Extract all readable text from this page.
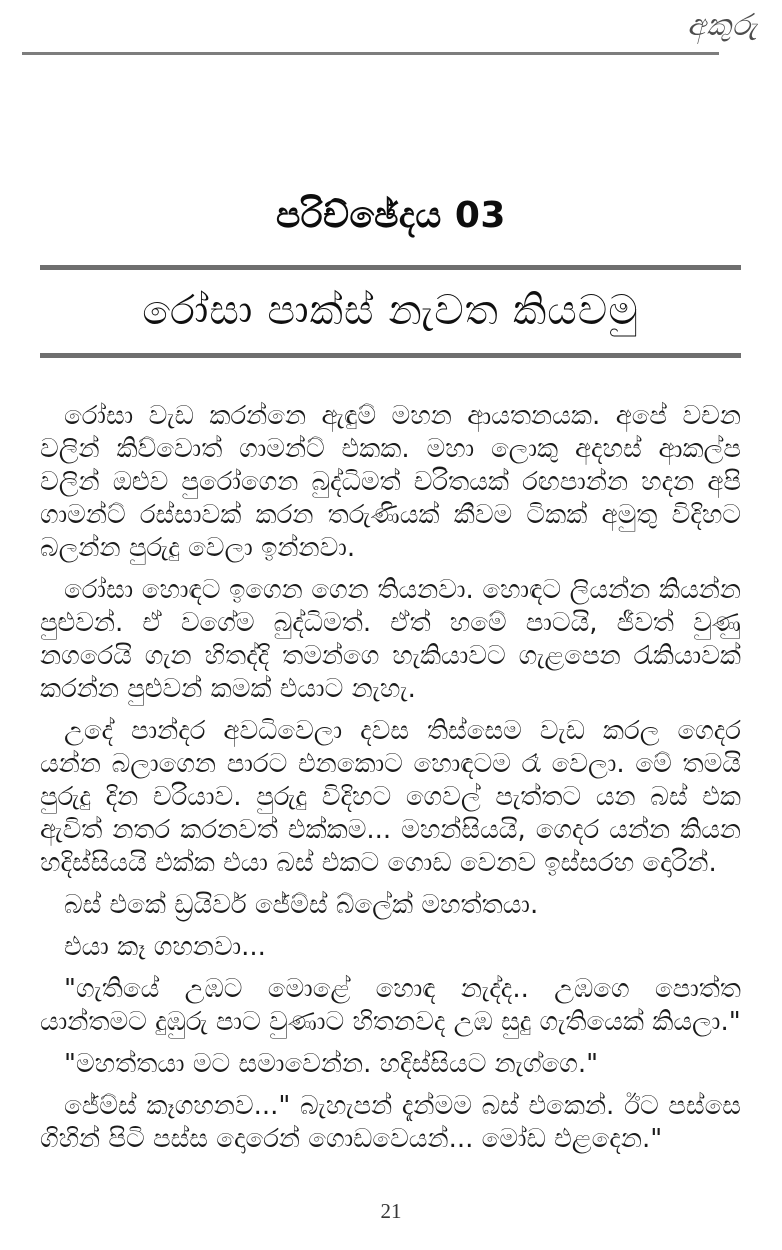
අකුරු
පරිච්ඡේදය 03
රෝසා පාක්ස් නැවත කියවමු

රෝසා වැඩ කරන්නෙ ඇඳුම් මහන ආයතනයක. අපේ වචන වලින් කිව්වොත් ගාමන්ට් එකක. මහා ලොකු අදහස් ආකල්ප වලින් ඔළුව පුරෝගෙන බුද්ධිමත් චරිතයක් රඟපාන්න හදන අපි ගාමන්ට් රස්සාවක් කරන තරුණියක් කීවම ටිකක් අමුතු විදිහට බලන්න පුරුදු වෙලා ඉන්නවා.

රෝසා හොඳට ඉගෙන ගෙන තියනවා. හොඳට ලියන්න කියන්න පුළුවන්. ඒ වගේම බුද්ධිමත්. ඒත් හමේ පාටයි, ජීවත් වුණු නගරෙයි ගැන හිතද්දි තමන්ගෙ හැකියාවට ගැළපෙන රැකියාවක් කරන්න පුළුවන් කමක් එයාට නැහැ.

උදේ පාන්දර අවධිවෙලා දවස තිස්සෙම වැඩ කරල ගෙදර යන්න බලාගෙන පාරට එනකොට හොඳටම රෑ වෙලා. මේ තමයි පුරුදු දින චරියාව. පුරුදු විදිහට ගෙවල් පැත්තට යන බස් එක ඇවිත් නතර කරනවත් එක්කම... මහන්සියයි, ගෙදර යන්න කියන හදිස්සියයි එක්ක එයා බස් එකට ගොඩ වෙනව ඉස්සරහ දොරින්.

බස් එකේ ඩ්‍රයිවර් ජේම්ස් බ්ලේක් මහත්තයා.

එයා කෑ ගහනවා...

"ගැතියේ උඹට මොළේ හොඳ නැද්ද.. උඹගෙ පොත්ත යාන්තමට දුඹුරු පාට වුණාට හිතනවද උඹ සුදු ගැතියෙක් කියලා."

"මහත්තයා මට සමාවෙන්න. හදිස්සියට නැග්ගෙ."

ජේම්ස් කෑගහනව..." බැහැපන් දැන්මම බස් එකෙන්. ඊට පස්සෙ ගිහින් පිටි පස්ස දොරෙන් ගොඩවෙයන්... මෝඩ එළදෙන."

21
